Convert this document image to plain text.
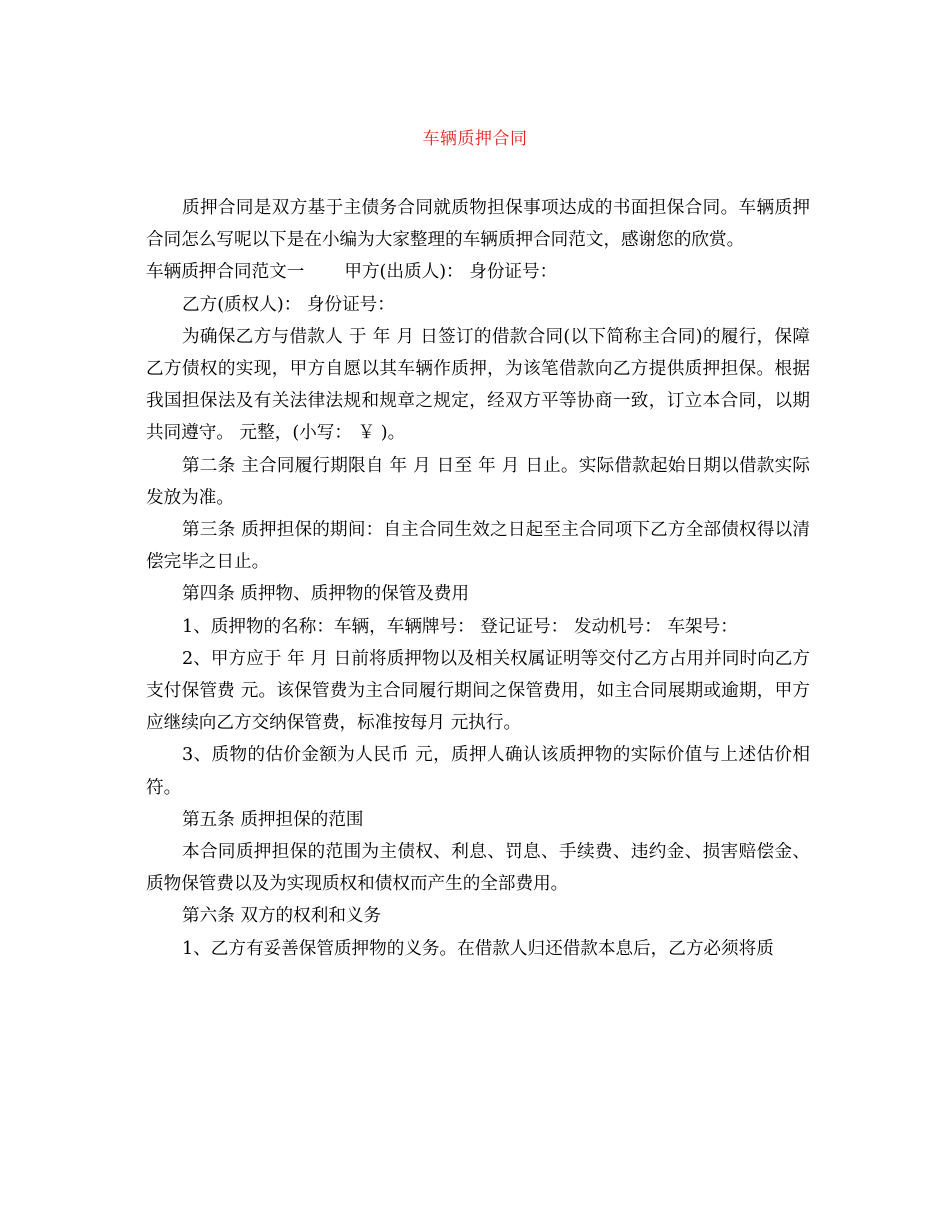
车辆质押合同

质押合同是双方基于主债务合同就质物担保事项达成的书面担保合同。车辆质押合同怎么写呢以下是在小编为大家整理的车辆质押合同范文，感谢您的欣赏。

车辆质押合同范文一 甲方(出质人)： 身份证号：

乙方(质权人)： 身份证号：

为确保乙方与借款人 于 年 月 日签订的借款合同(以下简称主合同)的履行，保障乙方债权的实现，甲方自愿以其车辆作质押，为该笔借款向乙方提供质押担保。根据我国担保法及有关法律法规和规章之规定，经双方平等协商一致，订立本合同，以期共同遵守。 元整，(小写： ￥ )。

第二条 主合同履行期限自 年 月 日至 年 月 日止。实际借款起始日期以借款实际发放为准。

第三条 质押担保的期间：自主合同生效之日起至主合同项下乙方全部债权得以清偿完毕之日止。

第四条 质押物、质押物的保管及费用

1、质押物的名称：车辆，车辆牌号： 登记证号： 发动机号： 车架号：

2、甲方应于 年 月 日前将质押物以及相关权属证明等交付乙方占用并同时向乙方支付保管费 元。该保管费为主合同履行期间之保管费用，如主合同展期或逾期，甲方应继续向乙方交纳保管费，标准按每月 元执行。

3、质物的估价金额为人民币 元，质押人确认该质押物的实际价值与上述估价相符。

第五条 质押担保的范围

本合同质押担保的范围为主债权、利息、罚息、手续费、违约金、损害赔偿金、质物保管费以及为实现质权和债权而产生的全部费用。

第六条 双方的权利和义务

1、乙方有妥善保管质押物的义务。在借款人归还借款本息后，乙方必须将质
